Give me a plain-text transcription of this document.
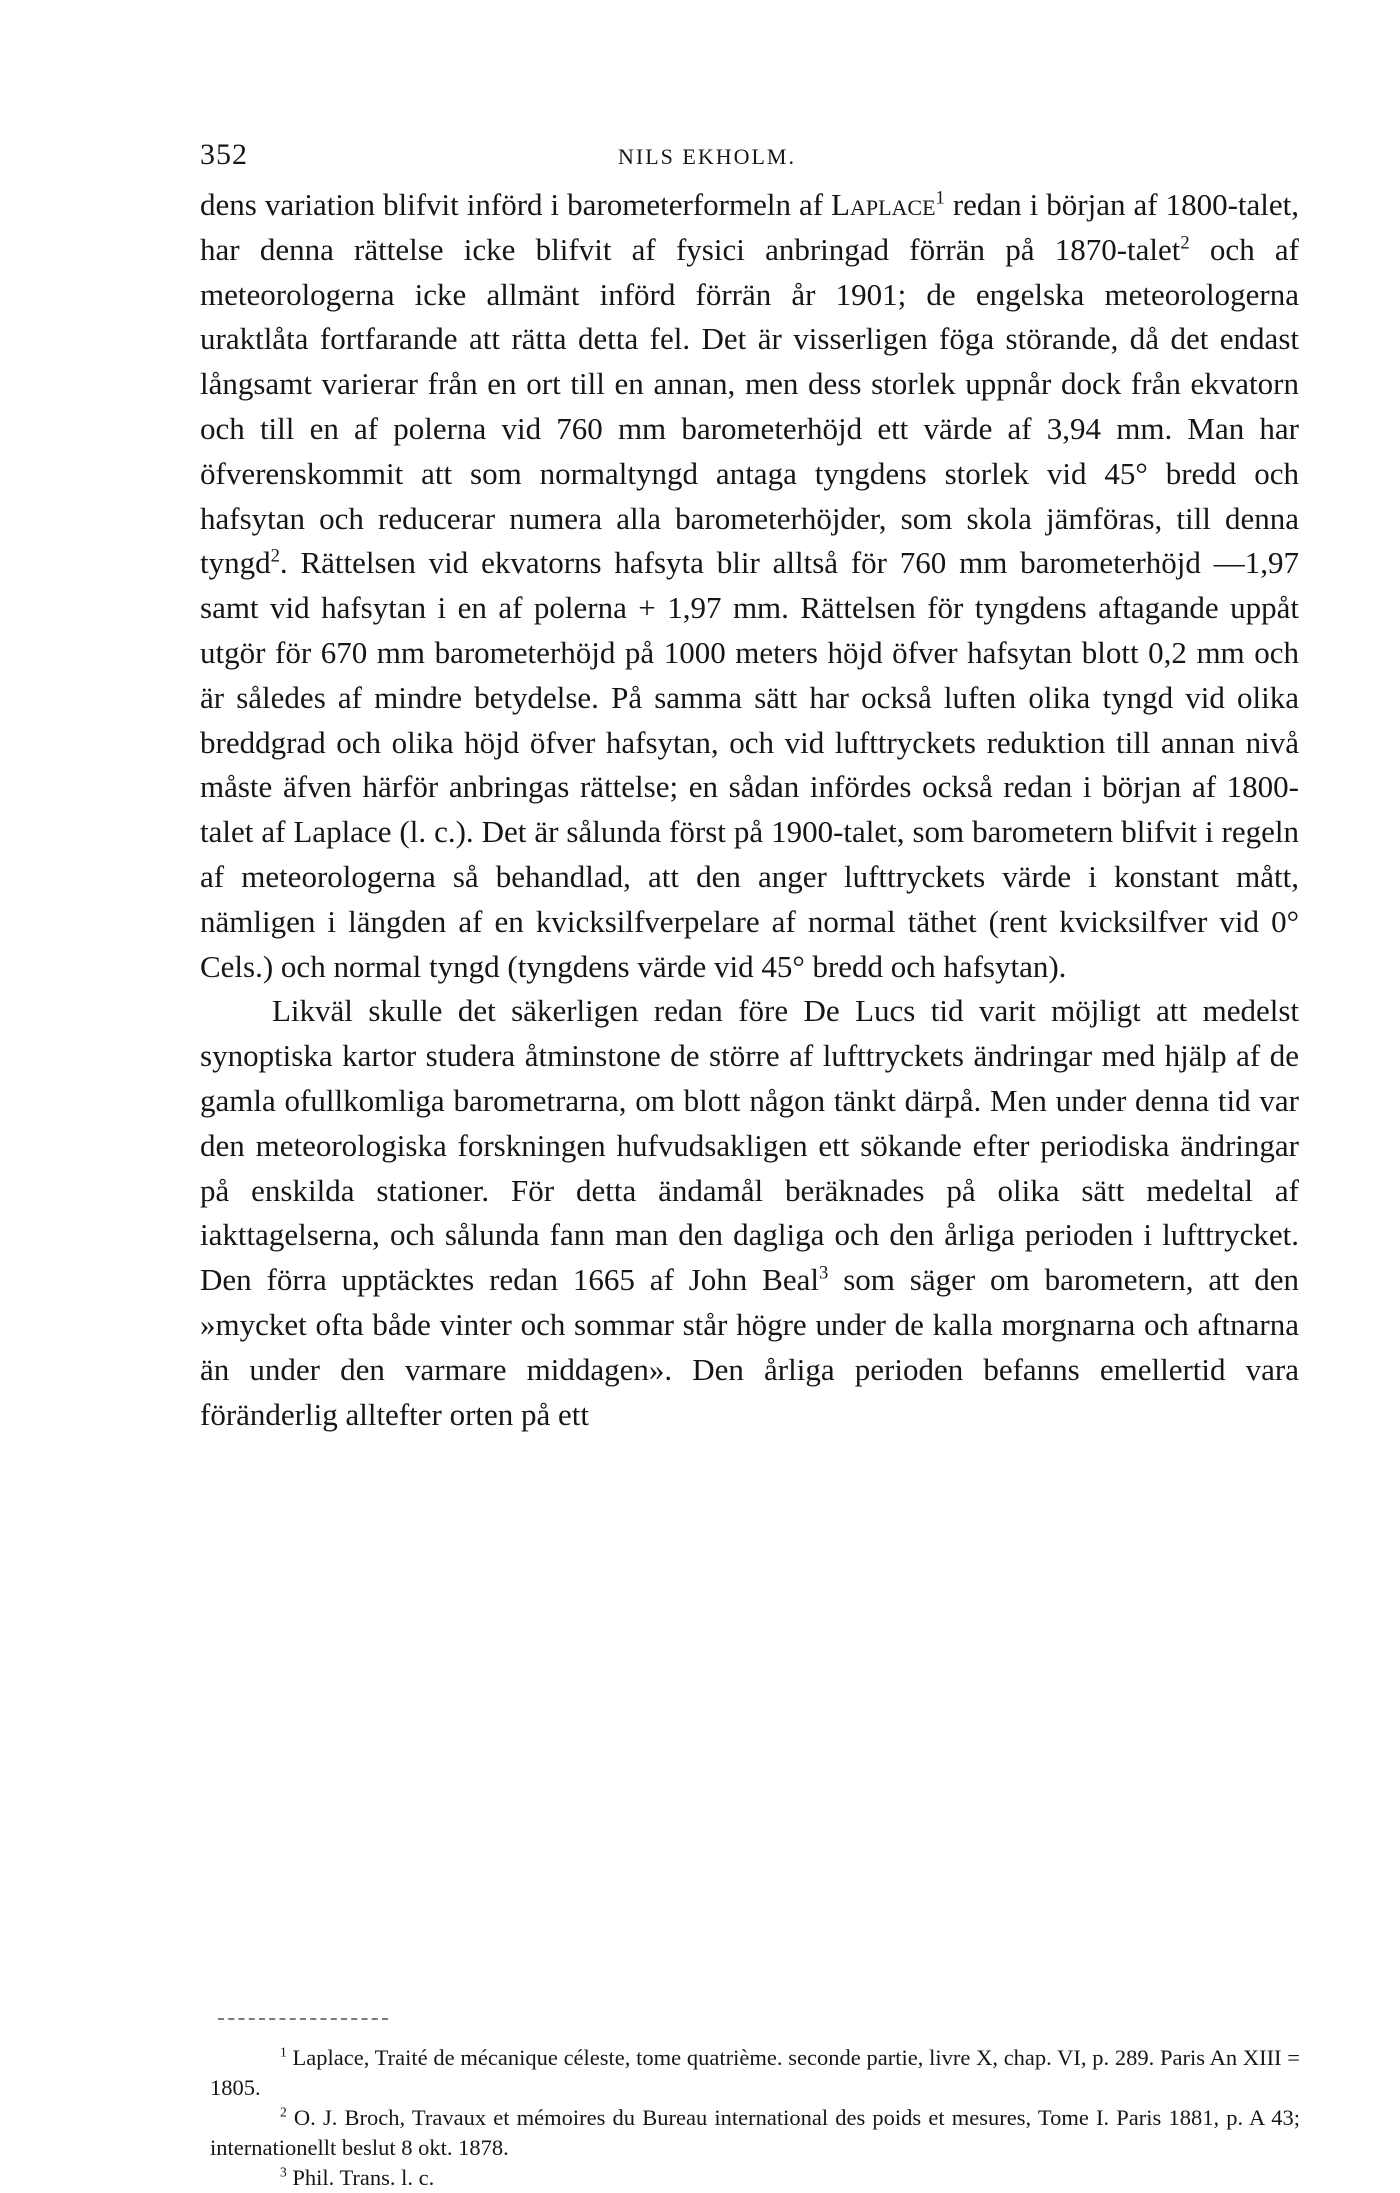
352	NILS EKHOLM.

dens variation blifvit införd i barometerformeln af Laplace$^1$ redan i början af 1800-talet, har denna rättelse icke blifvit af fysici anbringad förrän på 1870-talet$^2$ och af meteorologerna icke allmänt införd förrän år 1901; de engelska meteorologerna uraktlåta fortfarande att rätta detta fel. Det är visserligen föga störande, då det endast långsamt varierar från en ort till en annan, men dess storlek uppnår dock från ekvatorn och till en af polerna vid 760 mm barometerhöjd ett värde af 3,94 mm. Man har öfverenskommit att som normaltyngd antaga tyngdens storlek vid 45° bredd och hafsytan och reducerar numera alla barometerhöjder, som skola jämföras, till denna tyngd$^2$. Rättelsen vid ekvatorns hafsyta blir alltså för 760 mm barometerhöjd —1,97 samt vid hafsytan i en af polerna + 1,97 mm. Rättelsen för tyngdens aftagande uppåt utgör för 670 mm barometerhöjd på 1000 meters höjd öfver hafsytan blott 0,2 mm och är således af mindre betydelse. På samma sätt har också luften olika tyngd vid olika breddgrad och olika höjd öfver hafsytan, och vid lufttryckets reduktion till annan nivå måste äfven härför anbringas rättelse; en sådan infördes också redan i början af 1800-talet af Laplace (l. c.). Det är sålunda först på 1900-talet, som barometern blifvit i regeln af meteorologerna så behandlad, att den anger lufttryckets värde i konstant mått, nämligen i längden af en kvicksilfverpelare af normal täthet (rent kvicksilfver vid 0° Cels.) och normal tyngd (tyngdens värde vid 45° bredd och hafsytan).

Likväl skulle det säkerligen redan före De Lucs tid varit möjligt att medelst synoptiska kartor studera åtminstone de större af lufttryckets ändringar med hjälp af de gamla ofullkomliga barometrarna, om blott någon tänkt därpå. Men under denna tid var den meteorologiska forskningen hufvudsakligen ett sökande efter periodiska ändringar på enskilda stationer. För detta ändamål beräknades på olika sätt medeltal af iakttagelserna, och sålunda fann man den dagliga och den årliga perioden i lufttrycket. Den förra upptäcktes redan 1665 af John Beal$^3$ som säger om barometern, att den »mycket ofta både vinter och sommar står högre under de kalla morgnarna och aftnarna än under den varmare middagen». Den årliga perioden befanns emellertid vara föränderlig alltefter orten på ett

$^1$ Laplace, Traité de mécanique céleste, tome quatrième. seconde partie, livre X, chap. VI, p. 289. Paris An XIII = 1805.

$^2$ O. J. Broch, Travaux et mémoires du Bureau international des poids et mesures, Tome I. Paris 1881, p. A 43; internationellt beslut 8 okt. 1878.

$^3$ Phil. Trans. l. c.
